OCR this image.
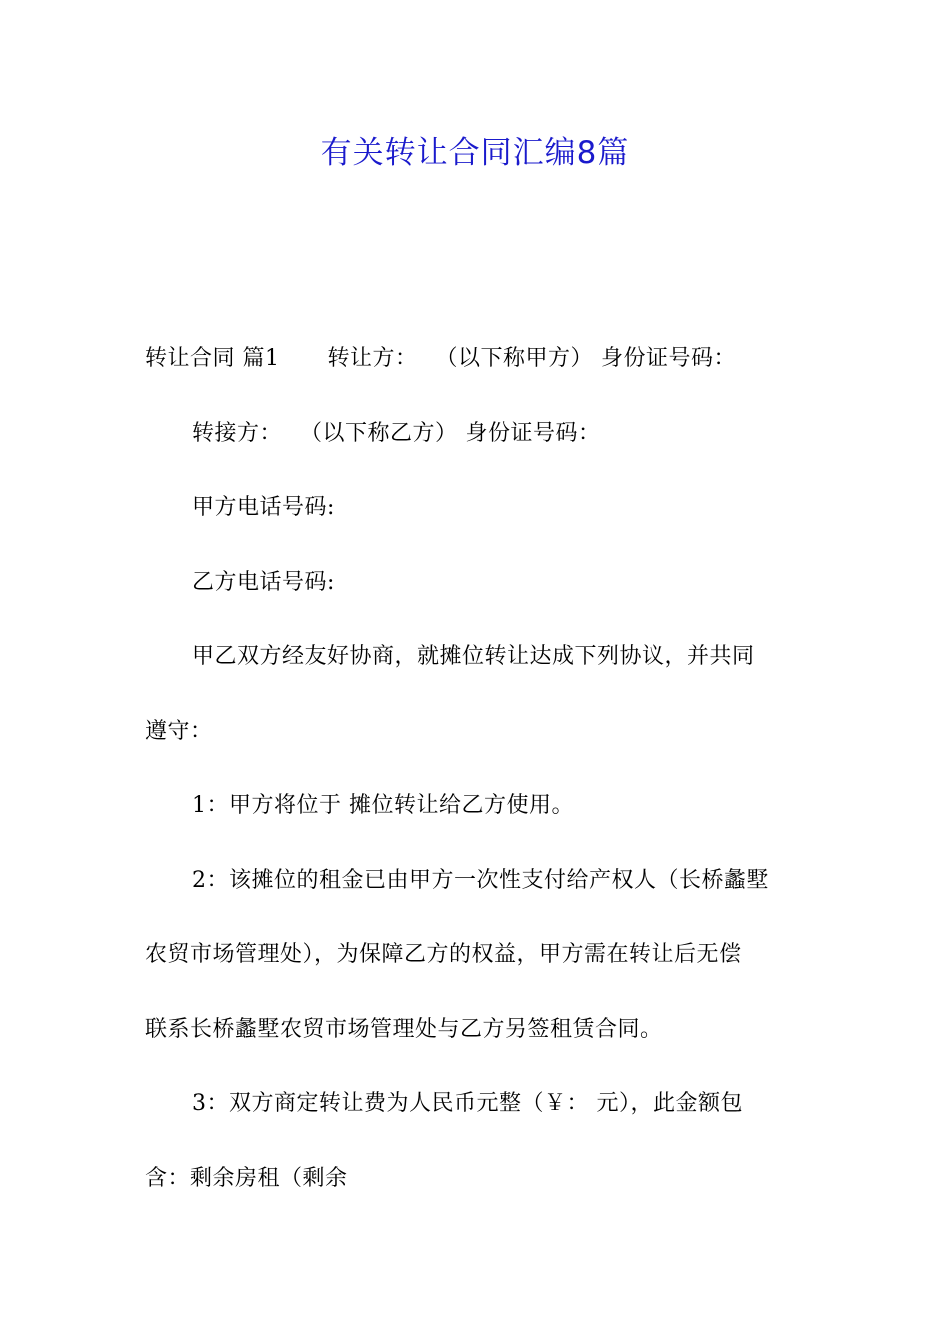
有关转让合同汇编8篇
转让合同 篇1 转让方： （以下称甲方） 身份证号码：
转接方： （以下称乙方） 身份证号码：
甲方电话号码:
乙方电话号码:
甲乙双方经友好协商，就摊位转让达成下列协议，并共同
遵守：
1：甲方将位于 摊位转让给乙方使用。
2：该摊位的租金已由甲方一次性支付给产权人（长桥蠡墅
农贸市场管理处），为保障乙方的权益，甲方需在转让后无偿
联系长桥蠡墅农贸市场管理处与乙方另签租赁合同。
3：双方商定转让费为人民币元整（￥： 元），此金额包
含：剩余房租（剩余
